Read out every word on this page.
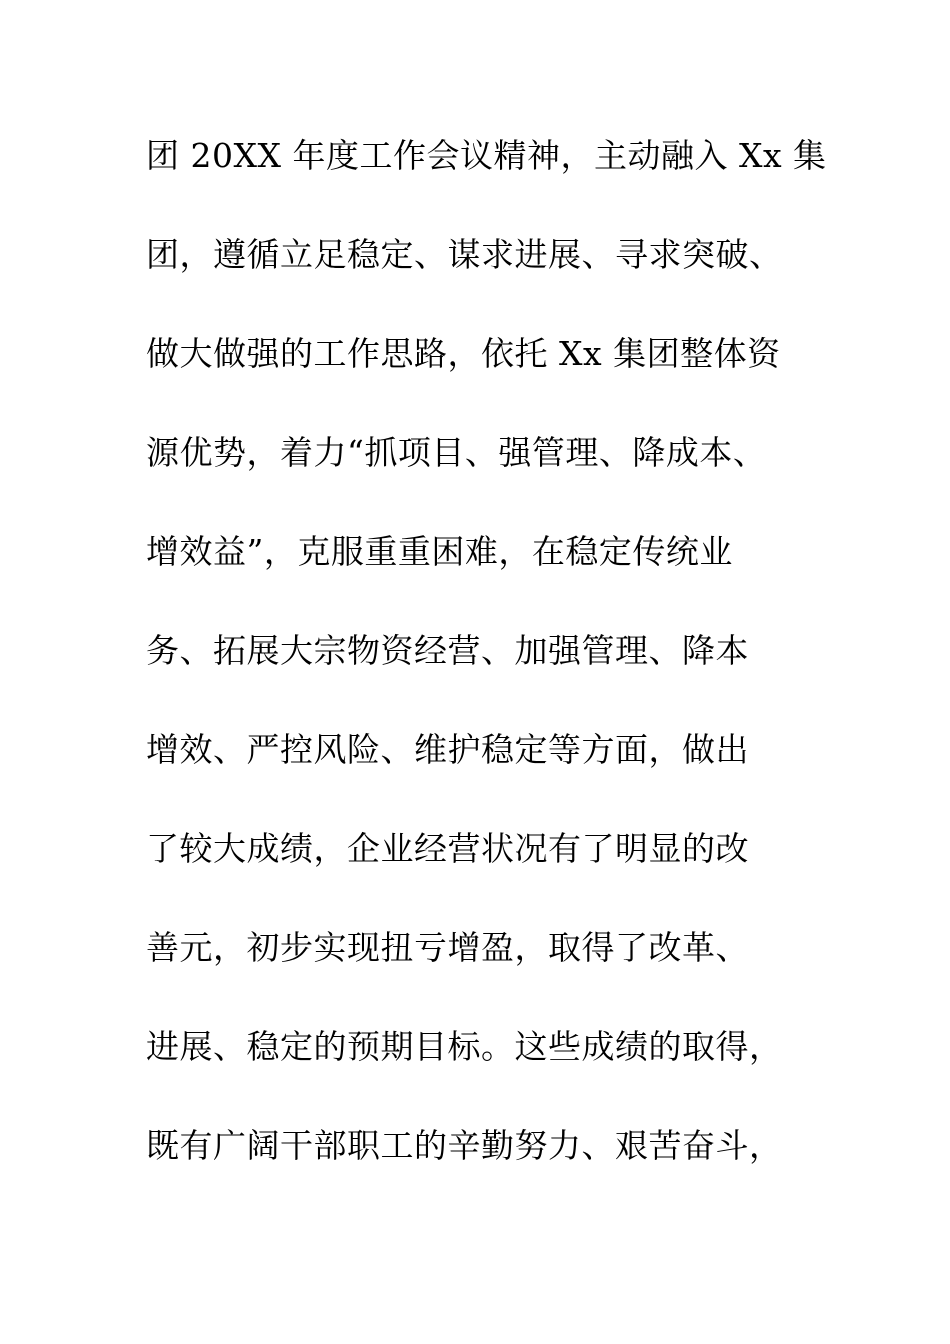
团 20XX 年度工作会议精神，主动融入 Xx 集
团，遵循立足稳定、谋求进展、寻求突破、
做大做强的工作思路，依托 Xx 集团整体资
源优势，着力“抓项目、强管理、降成本、
增效益”，克服重重困难，在稳定传统业
务、拓展大宗物资经营、加强管理、降本
增效、严控风险、维护稳定等方面，做出
了较大成绩，企业经营状况有了明显的改
善元，初步实现扭亏增盈，取得了改革、
进展、稳定的预期目标。这些成绩的取得，
既有广阔干部职工的辛勤努力、艰苦奋斗，
